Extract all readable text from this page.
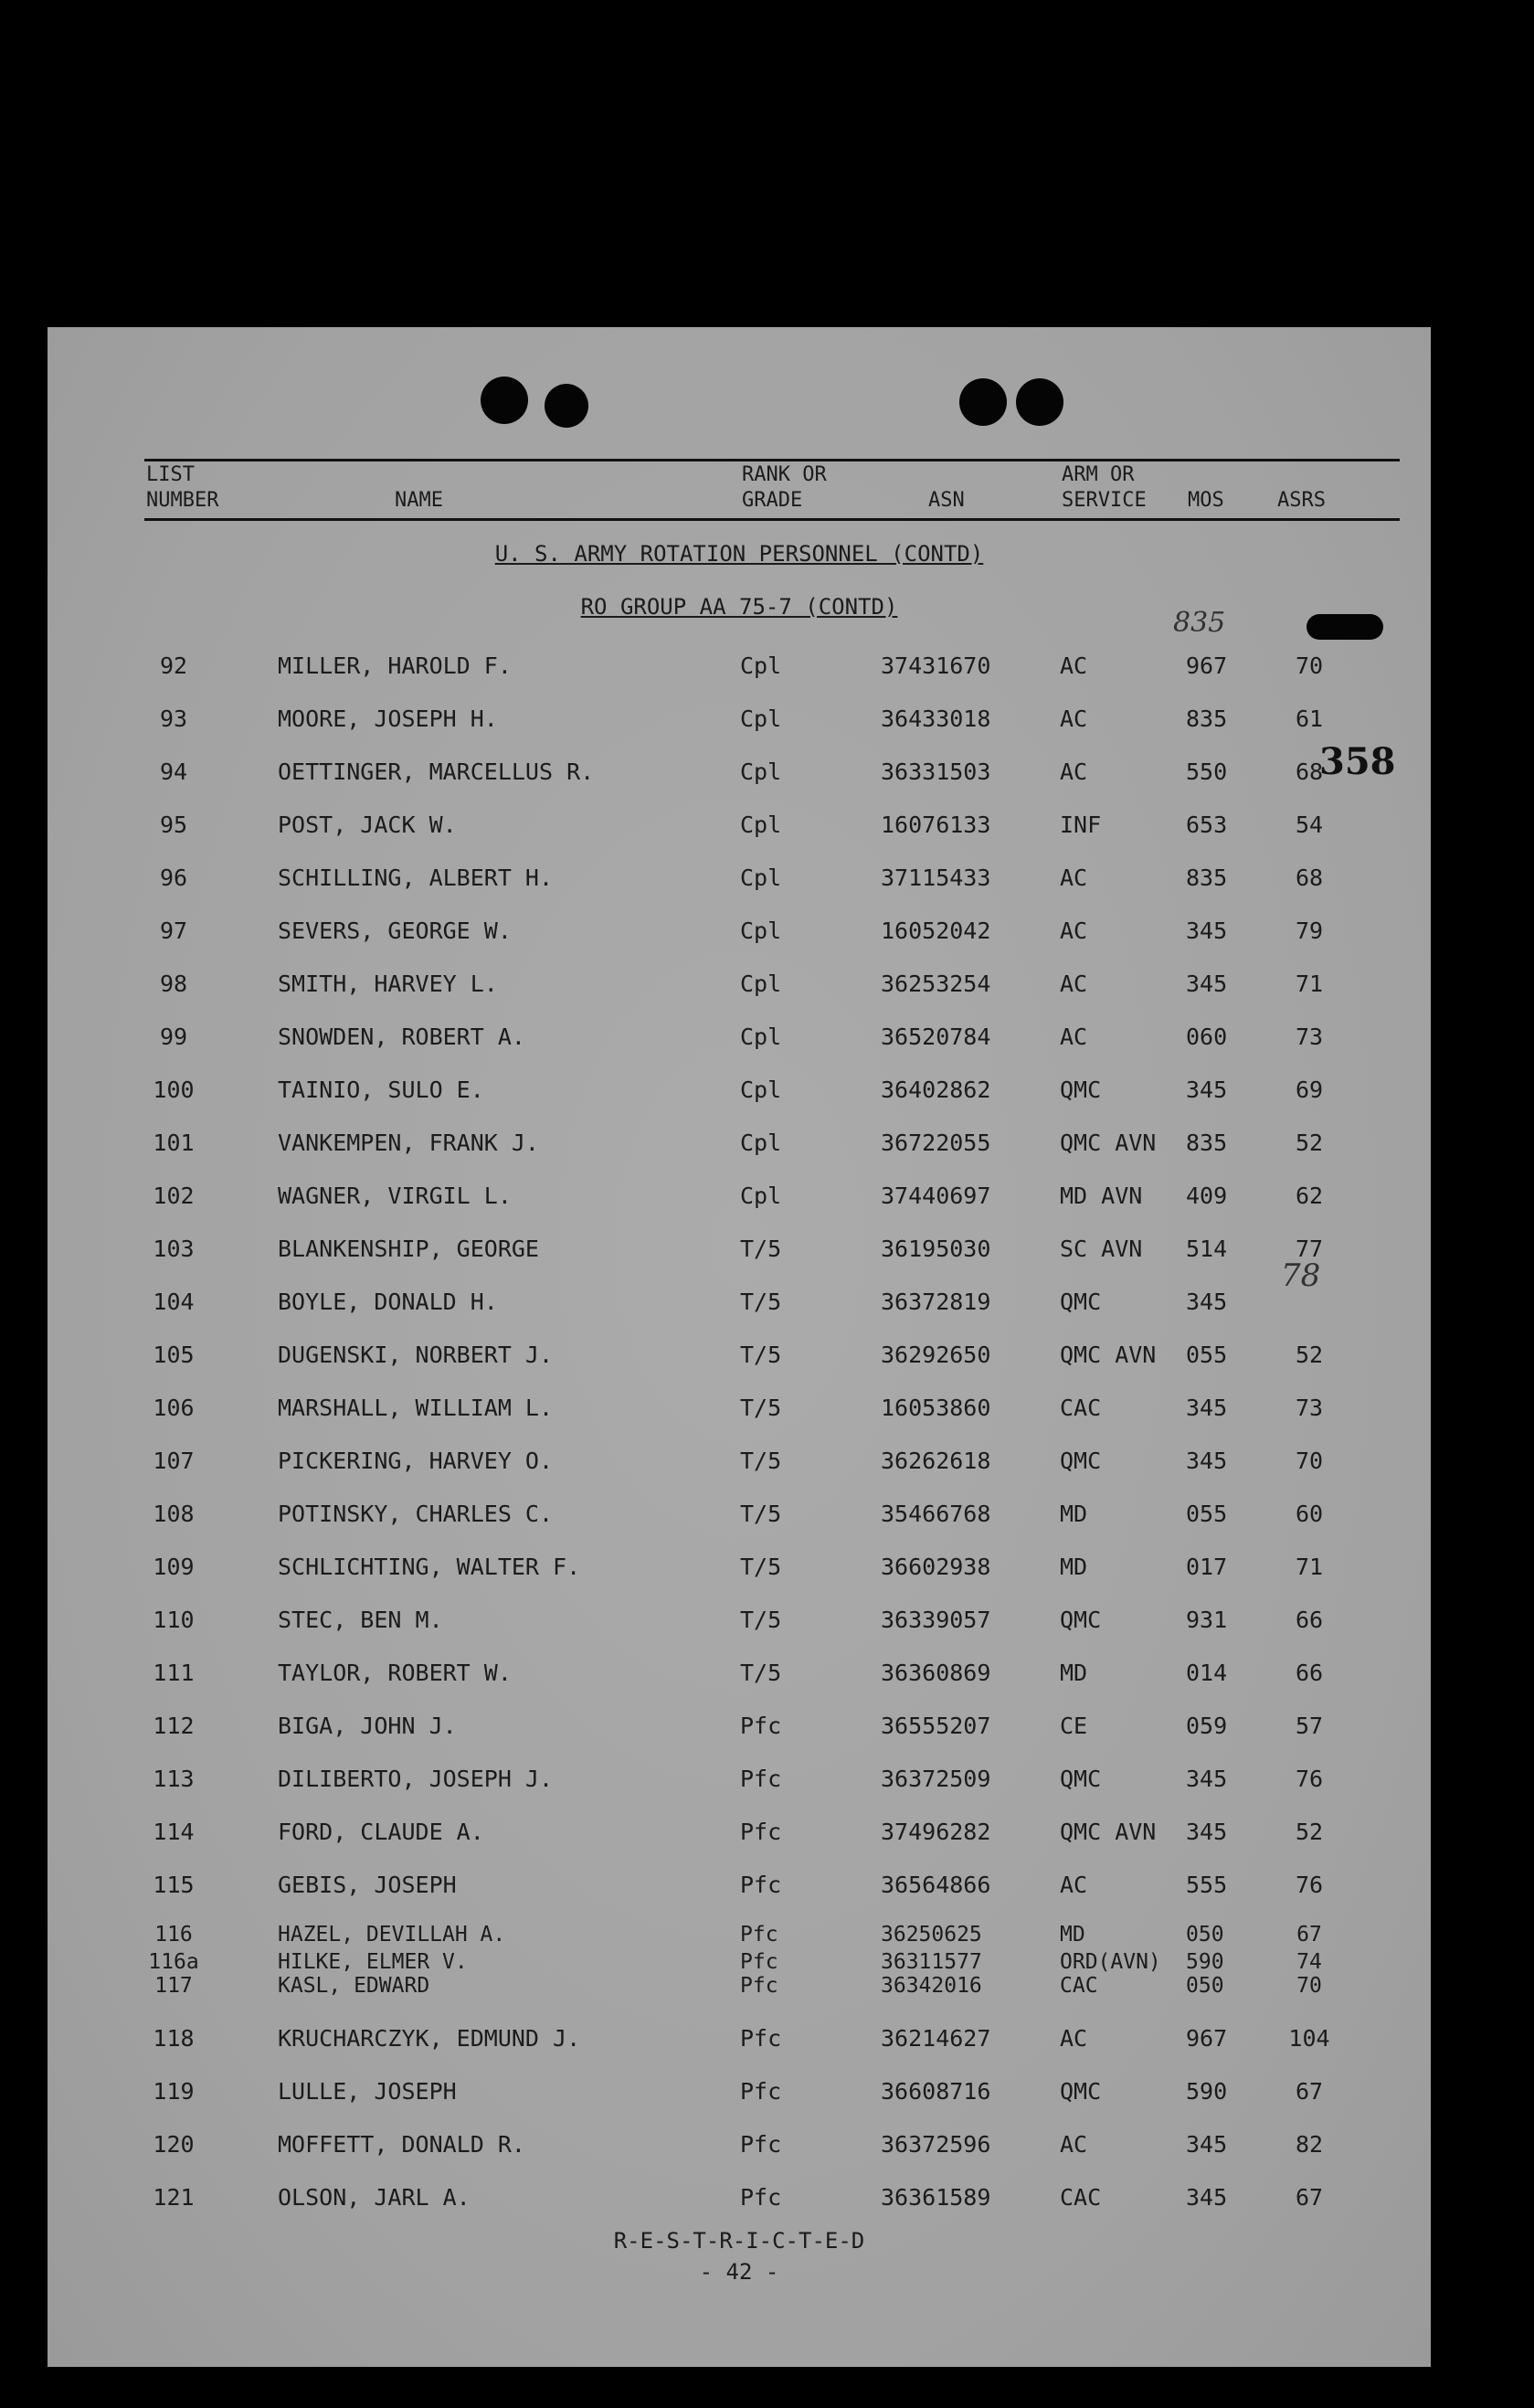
LIST
NUMBER	NAME
RANK OR
GRADE	ASN
ARM OR
SERVICE MOS	ASRS
U. S. ARMY ROTATION PERSONNEL (CONTD)
RO GROUP AA 75-7 (CONTD)
358
835
78
92	MILLER, HAROLD F.	Cpl	37431670	AC	967	70
93	MOORE, JOSEPH H.	Cpl	36433018	AC	835	61
94	OETTINGER, MARCELLUS R.	Cpl	36331503	AC	550	68
95	POST, JACK W.	Cpl	16076133	INF	653	54
96	SCHILLING, ALBERT H.	Cpl	37115433	AC	835	68
97	SEVERS, GEORGE W.	Cpl	16052042	AC	345	79
98	SMITH, HARVEY L.	Cpl	36253254	AC	345	71
99	SNOWDEN, ROBERT A.	Cpl	36520784	AC	060	73
100	TAINIO, SULO E.	Cpl	36402862	QMC	345	69
101	VANKEMPEN, FRANK J.	Cpl	36722055	QMC AVN 835	52
102	WAGNER, VIRGIL L.	Cpl	37440697	MD AVN 409	62
103	BLANKENSHIP, GEORGE	T/5	36195030	SC AVN 514	77
104	BOYLE, DONALD H.	T/5	36372819	QMC	345
105	DUGENSKI, NORBERT J.	T/5	36292650	QMC AVN 055	52
106	MARSHALL, WILLIAM L.	T/5	16053860	CAC	345	73
107	PICKERING, HARVEY O.	T/5	36262618	QMC	345	70
108	POTINSKY, CHARLES C.	T/5	35466768	MD	055	60
109	SCHLICHTING, WALTER F.	T/5	36602938	MD	017	71
110	STEC, BEN M.	T/5	36339057	QMC	931	66
111	TAYLOR, ROBERT W.	T/5	36360869	MD	014	66
112	BIGA, JOHN J.	Pfc	36555207	CE	059	57
113	DILIBERTO, JOSEPH J.	Pfc	36372509	QMC	345	76
114	FORD, CLAUDE A.	Pfc	37496282	QMC AVN 345	52
115	GEBIS, JOSEPH	Pfc	36564866	AC	555	76
116	HAZEL, DEVILLAH A.	Pfc	36250625	MD	050	67
116a	HILKE, ELMER V.	Pfc	36311577	ORD(AVN) 590	74
117	KASL, EDWARD	Pfc	36342016	CAC	050	70
118	KRUCHARCZYK, EDMUND J.	Pfc	36214627	AC	967	104
119	LULLE, JOSEPH	Pfc	36608716	QMC	590	67
120	MOFFETT, DONALD R.	Pfc	36372596	AC	345	82
121	OLSON, JARL A.	Pfc	36361589	CAC	345	67
R-E-S-T-R-I-C-T-E-D
- 42 -
